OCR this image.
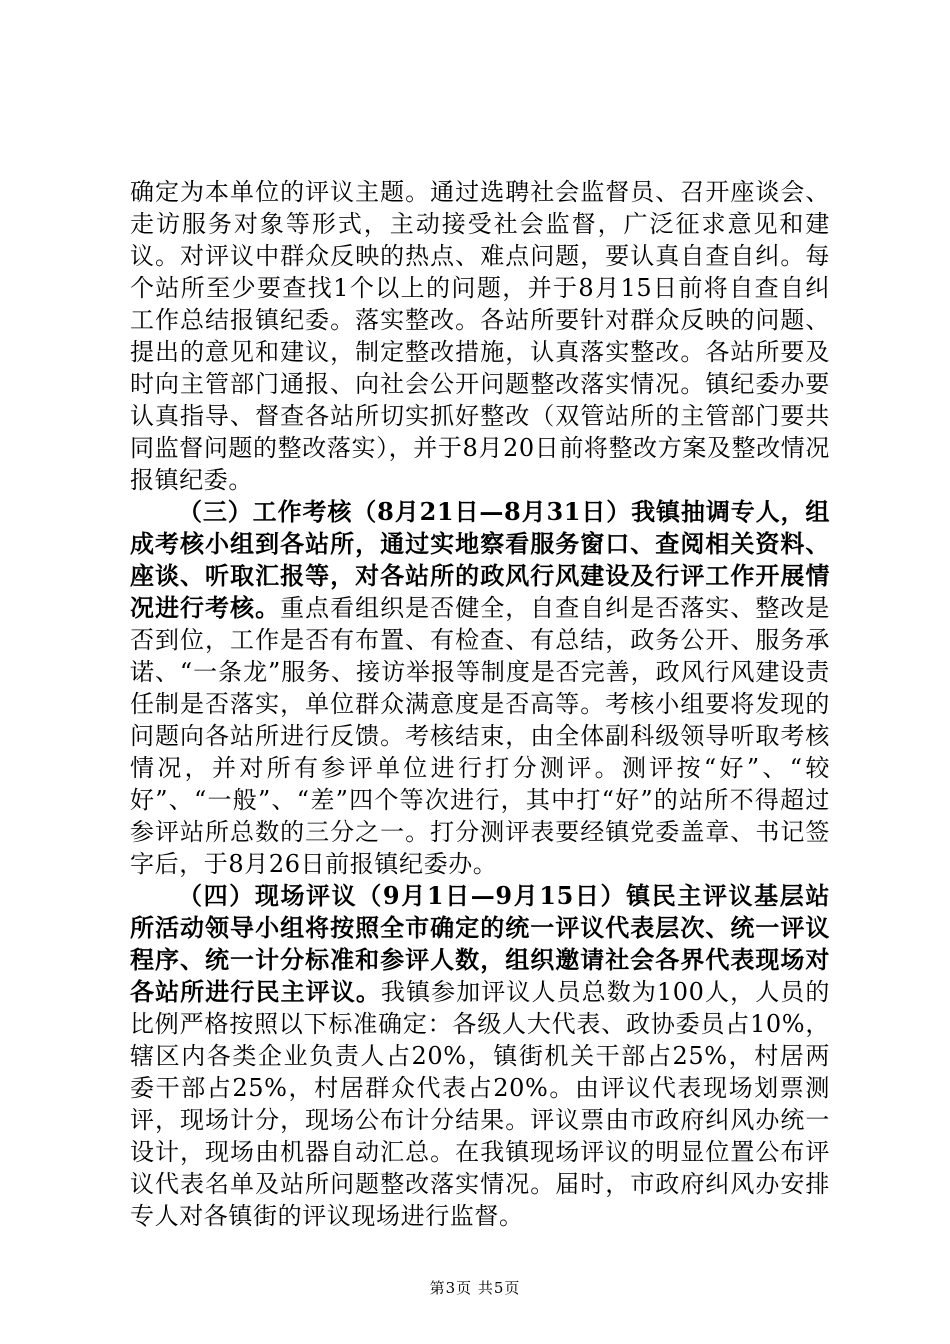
确定为本单位的评议主题。通过选聘社会监督员、召开座谈会、走访服务对象等形式，主动接受社会监督，广泛征求意见和建议。对评议中群众反映的热点、难点问题，要认真自查自纠。每个站所至少要查找1个以上的问题，并于8月15日前将自查自纠工作总结报镇纪委。落实整改。各站所要针对群众反映的问题、提出的意见和建议，制定整改措施，认真落实整改。各站所要及时向主管部门通报、向社会公开问题整改落实情况。镇纪委办要认真指导、督查各站所切实抓好整改（双管站所的主管部门要共同监督问题的整改落实），并于8月20日前将整改方案及整改情况报镇纪委。

（三）工作考核（8月21日—8月31日）我镇抽调专人，组成考核小组到各站所，通过实地察看服务窗口、查阅相关资料、座谈、听取汇报等，对各站所的政风行风建设及行评工作开展情况进行考核。重点看组织是否健全，自查自纠是否落实、整改是否到位，工作是否有布置、有检查、有总结，政务公开、服务承诺、“一条龙”服务、接访举报等制度是否完善，政风行风建设责任制是否落实，单位群众满意度是否高等。考核小组要将发现的问题向各站所进行反馈。考核结束，由全体副科级领导听取考核情况，并对所有参评单位进行打分测评。测评按“好”、“较好”、“一般”、“差”四个等次进行，其中打“好”的站所不得超过参评站所总数的三分之一。打分测评表要经镇党委盖章、书记签字后，于8月26日前报镇纪委办。

（四）现场评议（9月1日—9月15日）镇民主评议基层站所活动领导小组将按照全市确定的统一评议代表层次、统一评议程序、统一计分标准和参评人数，组织邀请社会各界代表现场对各站所进行民主评议。我镇参加评议人员总数为100人，人员的比例严格按照以下标准确定：各级人大代表、政协委员占10%，辖区内各类企业负责人占20%，镇街机关干部占25%，村居两委干部占25%，村居群众代表占20%。由评议代表现场划票测评，现场计分，现场公布计分结果。评议票由市政府纠风办统一设计，现场由机器自动汇总。在我镇现场评议的明显位置公布评议代表名单及站所问题整改落实情况。届时，市政府纠风办安排专人对各镇街的评议现场进行监督。

第3页 共5页
